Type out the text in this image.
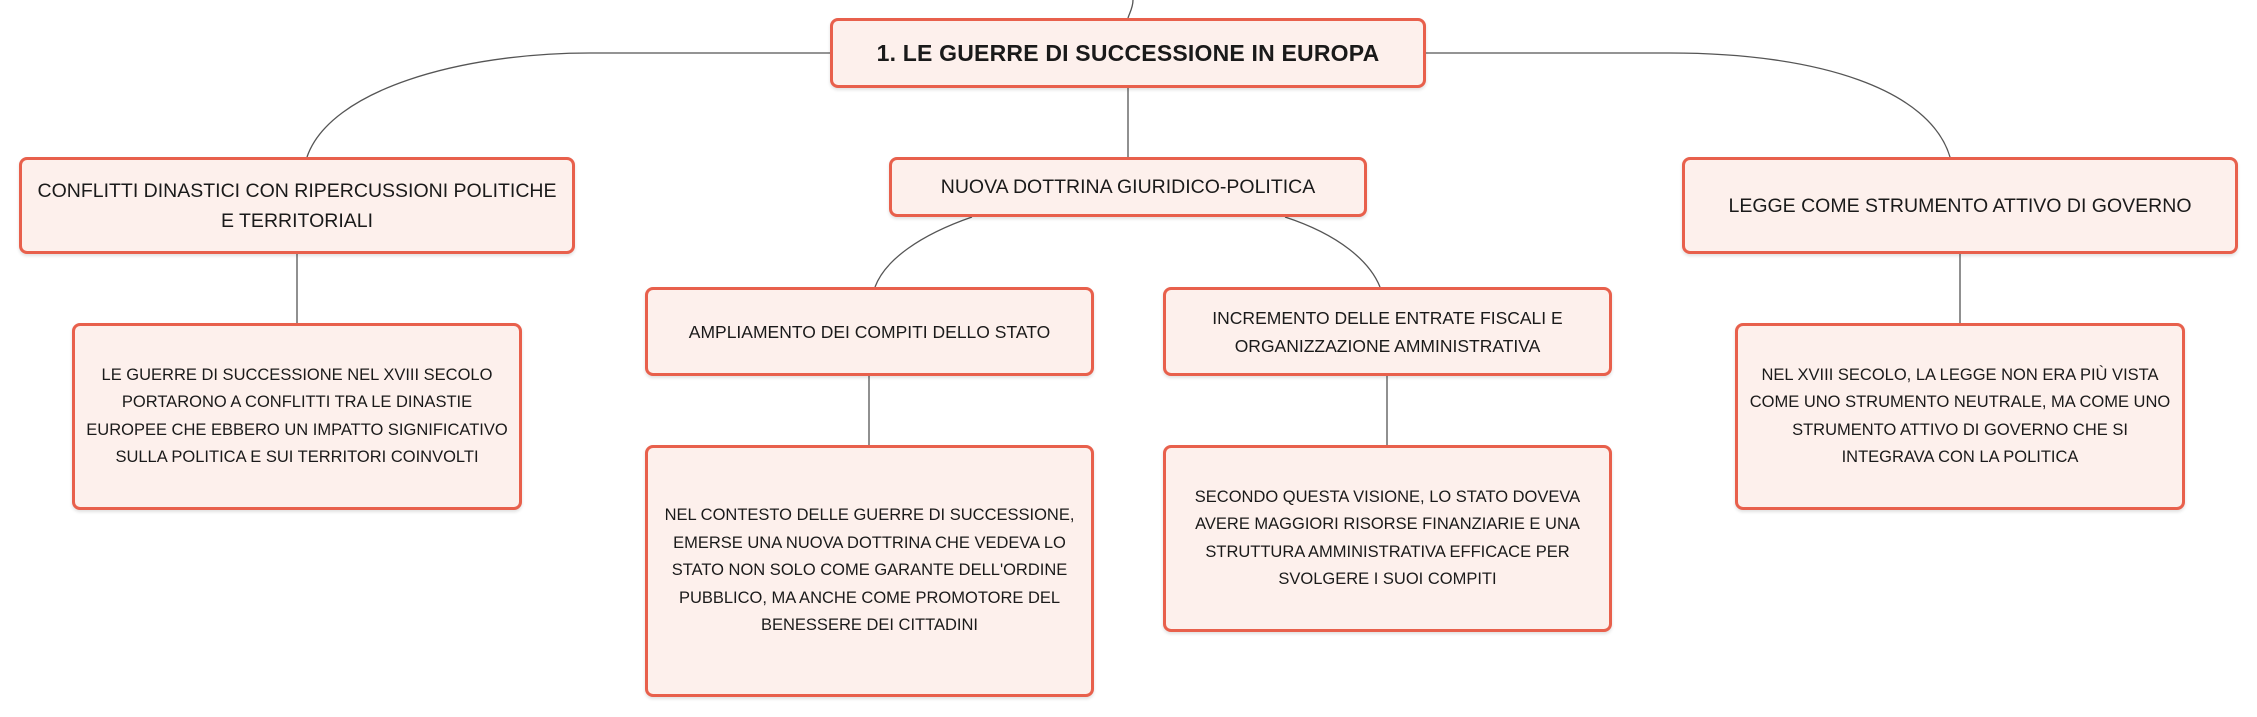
1. LE GUERRE DI SUCCESSIONE IN EUROPA
CONFLITTI DINASTICI CON RIPERCUSSIONI POLITICHE E TERRITORIALI
NUOVA DOTTRINA GIURIDICO-POLITICA
LEGGE COME STRUMENTO ATTIVO DI GOVERNO
LE GUERRE DI SUCCESSIONE NEL XVIII SECOLO PORTARONO A CONFLITTI TRA LE DINASTIE EUROPEE CHE EBBERO UN IMPATTO SIGNIFICATIVO SULLA POLITICA E SUI TERRITORI COINVOLTI
AMPLIAMENTO DEI COMPITI DELLO STATO
INCREMENTO DELLE ENTRATE FISCALI E ORGANIZZAZIONE AMMINISTRATIVA
NEL CONTESTO DELLE GUERRE DI SUCCESSIONE, EMERSE UNA NUOVA DOTTRINA CHE VEDEVA LO STATO NON SOLO COME GARANTE DELL'ORDINE PUBBLICO, MA ANCHE COME PROMOTORE DEL BENESSERE DEI CITTADINI
SECONDO QUESTA VISIONE, LO STATO DOVEVA AVERE MAGGIORI RISORSE FINANZIARIE E UNA STRUTTURA AMMINISTRATIVA EFFICACE PER SVOLGERE I SUOI COMPITI
NEL XVIII SECOLO, LA LEGGE NON ERA PIÙ VISTA COME UNO STRUMENTO NEUTRALE, MA COME UNO STRUMENTO ATTIVO DI GOVERNO CHE SI INTEGRAVA CON LA POLITICA
